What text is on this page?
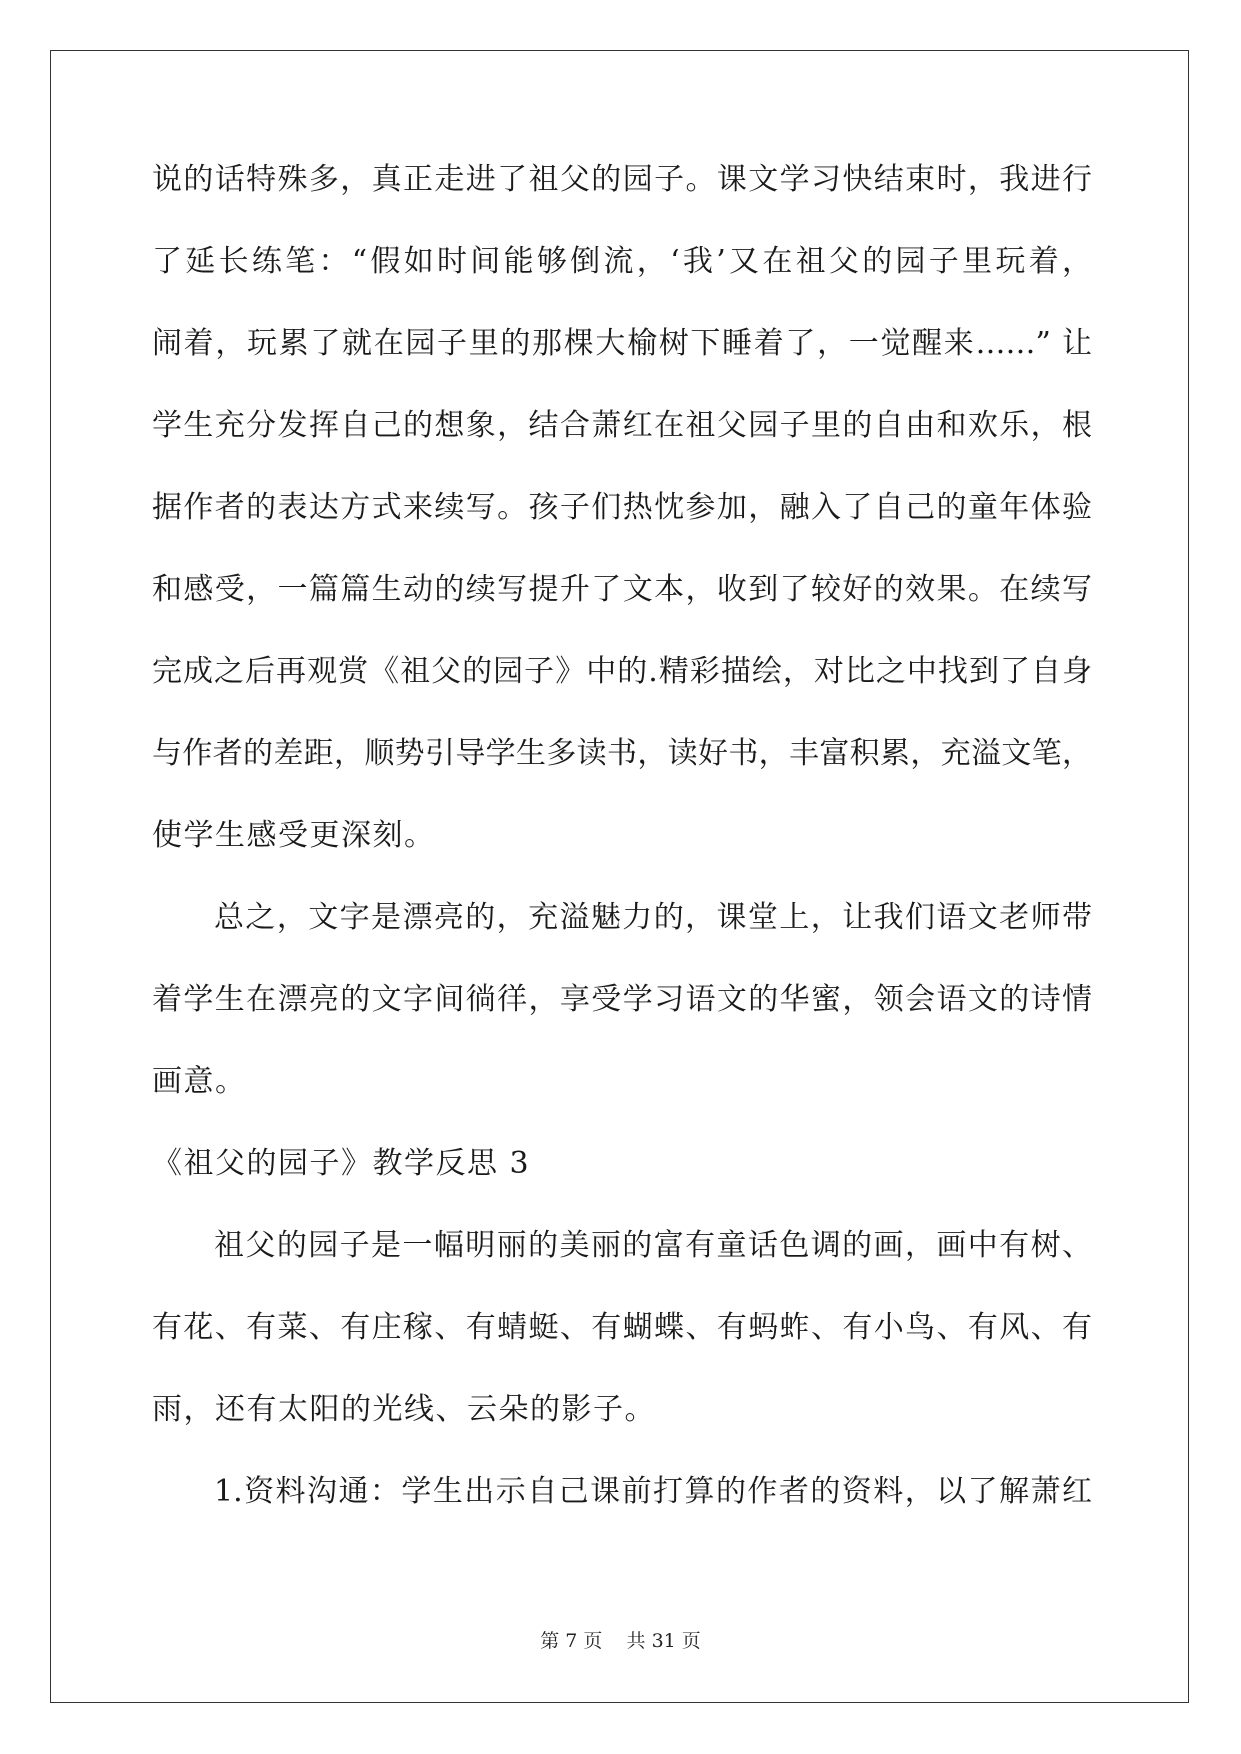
说的话特殊多，真正走进了祖父的园子。课文学习快结束时，我进行
了延长练笔：“假如时间能够倒流，‘我’又在祖父的园子里玩着，
闹着，玩累了就在园子里的那棵大榆树下睡着了，一觉醒来……” 让
学生充分发挥自己的想象，结合萧红在祖父园子里的自由和欢乐，根
据作者的表达方式来续写。孩子们热忱参加，融入了自己的童年体验
和感受，一篇篇生动的续写提升了文本，收到了较好的效果。在续写
完成之后再观赏《祖父的园子》中的.精彩描绘，对比之中找到了自身
与作者的差距，顺势引导学生多读书，读好书，丰富积累，充溢文笔，
使学生感受更深刻。
总之，文字是漂亮的，充溢魅力的，课堂上，让我们语文老师带
着学生在漂亮的文字间徜徉，享受学习语文的华蜜，领会语文的诗情
画意。
《祖父的园子》教学反思 3
祖父的园子是一幅明丽的美丽的富有童话色调的画，画中有树、
有花、有菜、有庄稼、有蜻蜓、有蝴蝶、有蚂蚱、有小鸟、有风、有
雨，还有太阳的光线、云朵的影子。
1.资料沟通：学生出示自己课前打算的作者的资料，以了解萧红
第 7 页    共 31 页
